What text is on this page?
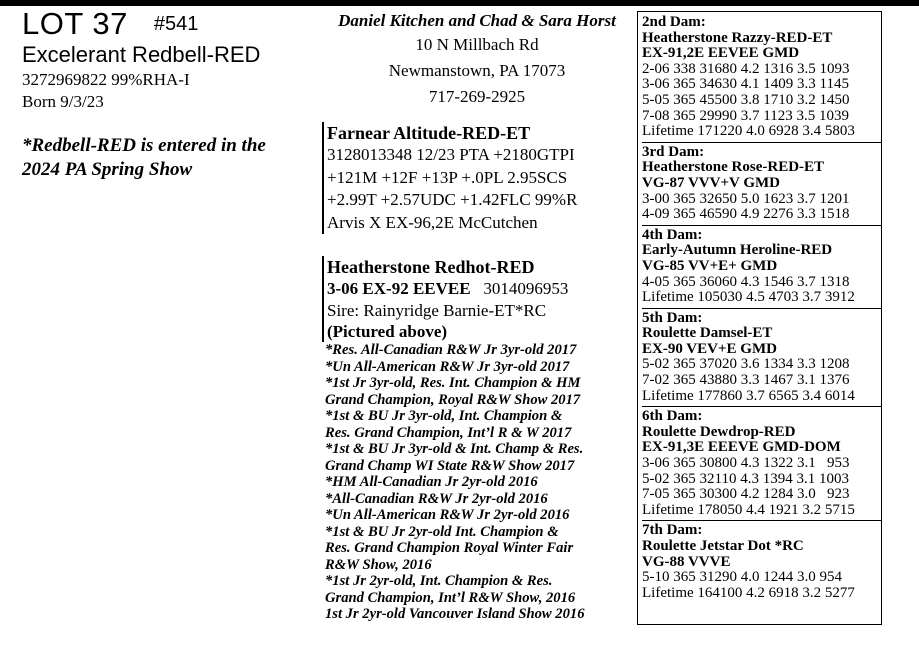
LOT 37 #541
Excelerant Redbell-RED
3272969822 99%RHA-I
Born 9/3/23
*Redbell-RED is entered in the 2024 PA Spring Show
Daniel Kitchen and Chad & Sara Horst
10 N Millbach Rd
Newmanstown, PA 17073
717-269-2925
Farnear Altitude-RED-ET
3128013348 12/23 PTA +2180GTPI
+121M +12F +13P +.0PL 2.95SCS
+2.99T +2.57UDC +1.42FLC 99%R
Arvis X EX-96,2E McCutchen
Heatherstone Redhot-RED
3-06 EX-92 EEVEE 3014096953
Sire: Rainyridge Barnie-ET*RC
(Pictured above)
*Res. All-Canadian R&W Jr 3yr-old 2017
*Un All-American R&W Jr 3yr-old 2017
*1st Jr 3yr-old, Res. Int. Champion & HM
Grand Champion, Royal R&W Show 2017
*1st & BU Jr 3yr-old, Int. Champion &
Res. Grand Champion, Int’l R & W 2017
*1st & BU Jr 3yr-old & Int. Champ & Res.
Grand Champ WI State R&W Show 2017
*HM All-Canadian Jr 2yr-old 2016
*All-Canadian R&W Jr 2yr-old 2016
*Un All-American R&W Jr 2yr-old 2016
*1st & BU Jr 2yr-old Int. Champion &
Res. Grand Champion Royal Winter Fair
R&W Show, 2016
*1st Jr 2yr-old, Int. Champion & Res.
Grand Champion, Int’l R&W Show, 2016
1st Jr 2yr-old Vancouver Island Show 2016
2nd Dam:
Heatherstone Razzy-RED-ET
EX-91,2E EEVEE GMD
2-06 338 31680 4.2 1316 3.5 1093
3-06 365 34630 4.1 1409 3.3 1145
5-05 365 45500 3.8 1710 3.2 1450
7-08 365 29990 3.7 1123 3.5 1039
Lifetime 171220 4.0 6928 3.4 5803
3rd Dam:
Heatherstone Rose-RED-ET
VG-87 VVV+V GMD
3-00 365 32650 5.0 1623 3.7 1201
4-09 365 46590 4.9 2276 3.3 1518
4th Dam:
Early-Autumn Heroline-RED
VG-85 VV+E+ GMD
4-05 365 36060 4.3 1546 3.7 1318
Lifetime 105030 4.5 4703 3.7 3912
5th Dam:
Roulette Damsel-ET
EX-90 VEV+E GMD
5-02 365 37020 3.6 1334 3.3 1208
7-02 365 43880 3.3 1467 3.1 1376
Lifetime 177860 3.7 6565 3.4 6014
6th Dam:
Roulette Dewdrop-RED
EX-91,3E EEEVE GMD-DOM
3-06 365 30800 4.3 1322 3.1   953
5-02 365 32110 4.3 1394 3.1 1003
7-05 365 30300 4.2 1284 3.0   923
Lifetime 178050 4.4 1921 3.2 5715
7th Dam:
Roulette Jetstar Dot *RC
VG-88 VVVE
5-10 365 31290 4.0 1244 3.0 954
Lifetime 164100 4.2 6918 3.2 5277
